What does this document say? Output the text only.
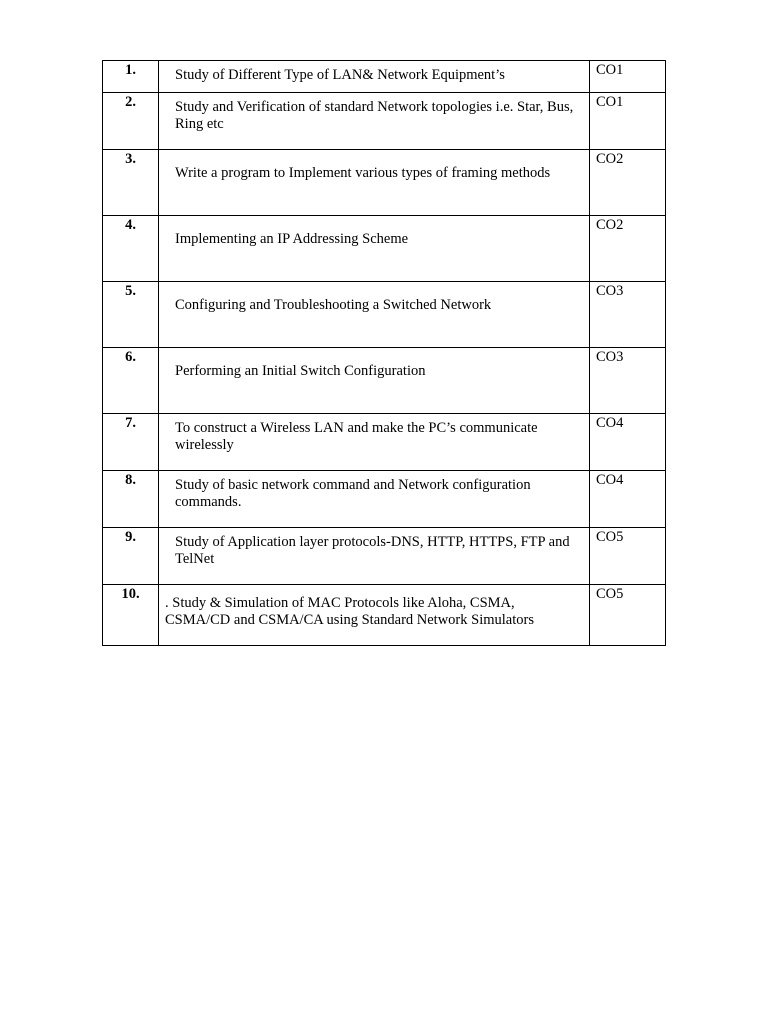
1.	Study of Different Type of LAN& Network Equipment’s	CO1
2.	Study and Verification of standard Network topologies i.e. Star, Bus, Ring etc	CO1
3.	Write a program to Implement various types of framing methods	CO2
4.	Implementing an IP Addressing Scheme	CO2
5.	Configuring and Troubleshooting a Switched Network	CO3
6.	Performing an Initial Switch Configuration	CO3
7.	To construct a Wireless LAN and make the PC’s communicate wirelessly	CO4
8.	Study of basic network command and Network configuration commands.	CO4
9.	Study of Application layer protocols-DNS, HTTP, HTTPS, FTP and TelNet	CO5
10.	. Study & Simulation of MAC Protocols like Aloha, CSMA, CSMA/CD and CSMA/CA using Standard Network Simulators	CO5
